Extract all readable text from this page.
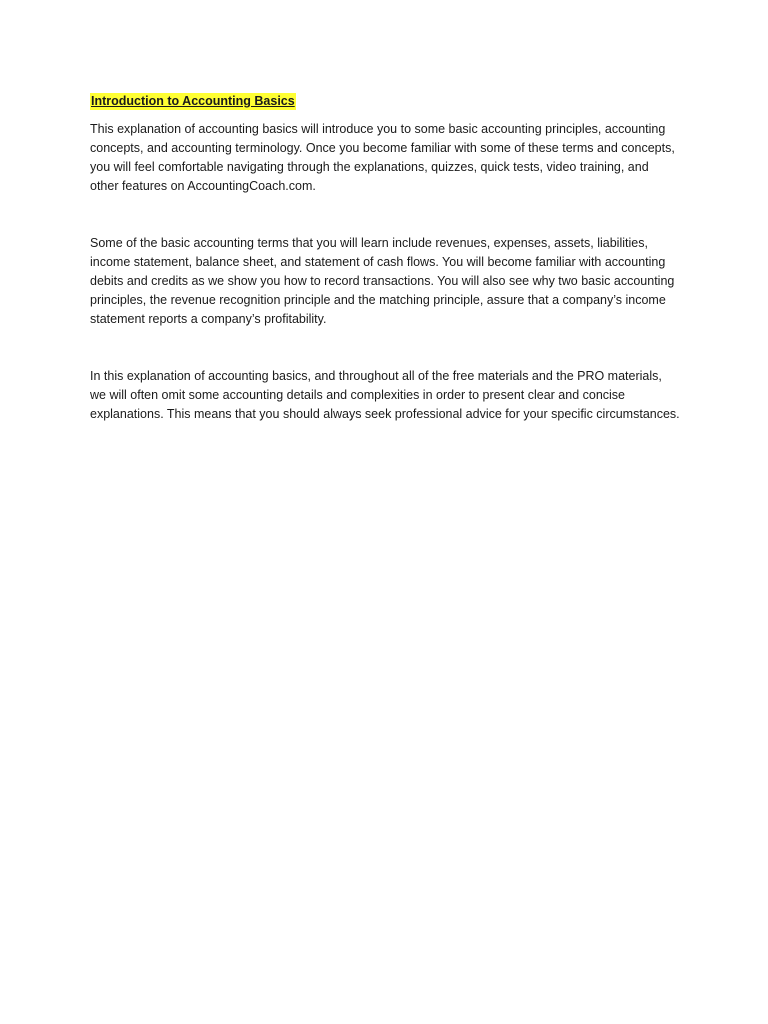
Introduction to Accounting Basics

This explanation of accounting basics will introduce you to some basic accounting principles, accounting concepts, and accounting terminology. Once you become familiar with some of these terms and concepts, you will feel comfortable navigating through the explanations, quizzes, quick tests, video training, and other features on AccountingCoach.com.

Some of the basic accounting terms that you will learn include revenues, expenses, assets, liabilities, income statement, balance sheet, and statement of cash flows. You will become familiar with accounting debits and credits as we show you how to record transactions. You will also see why two basic accounting principles, the revenue recognition principle and the matching principle, assure that a company’s income statement reports a company’s profitability.

In this explanation of accounting basics, and throughout all of the free materials and the PRO materials, we will often omit some accounting details and complexities in order to present clear and concise explanations. This means that you should always seek professional advice for your specific circumstances.
